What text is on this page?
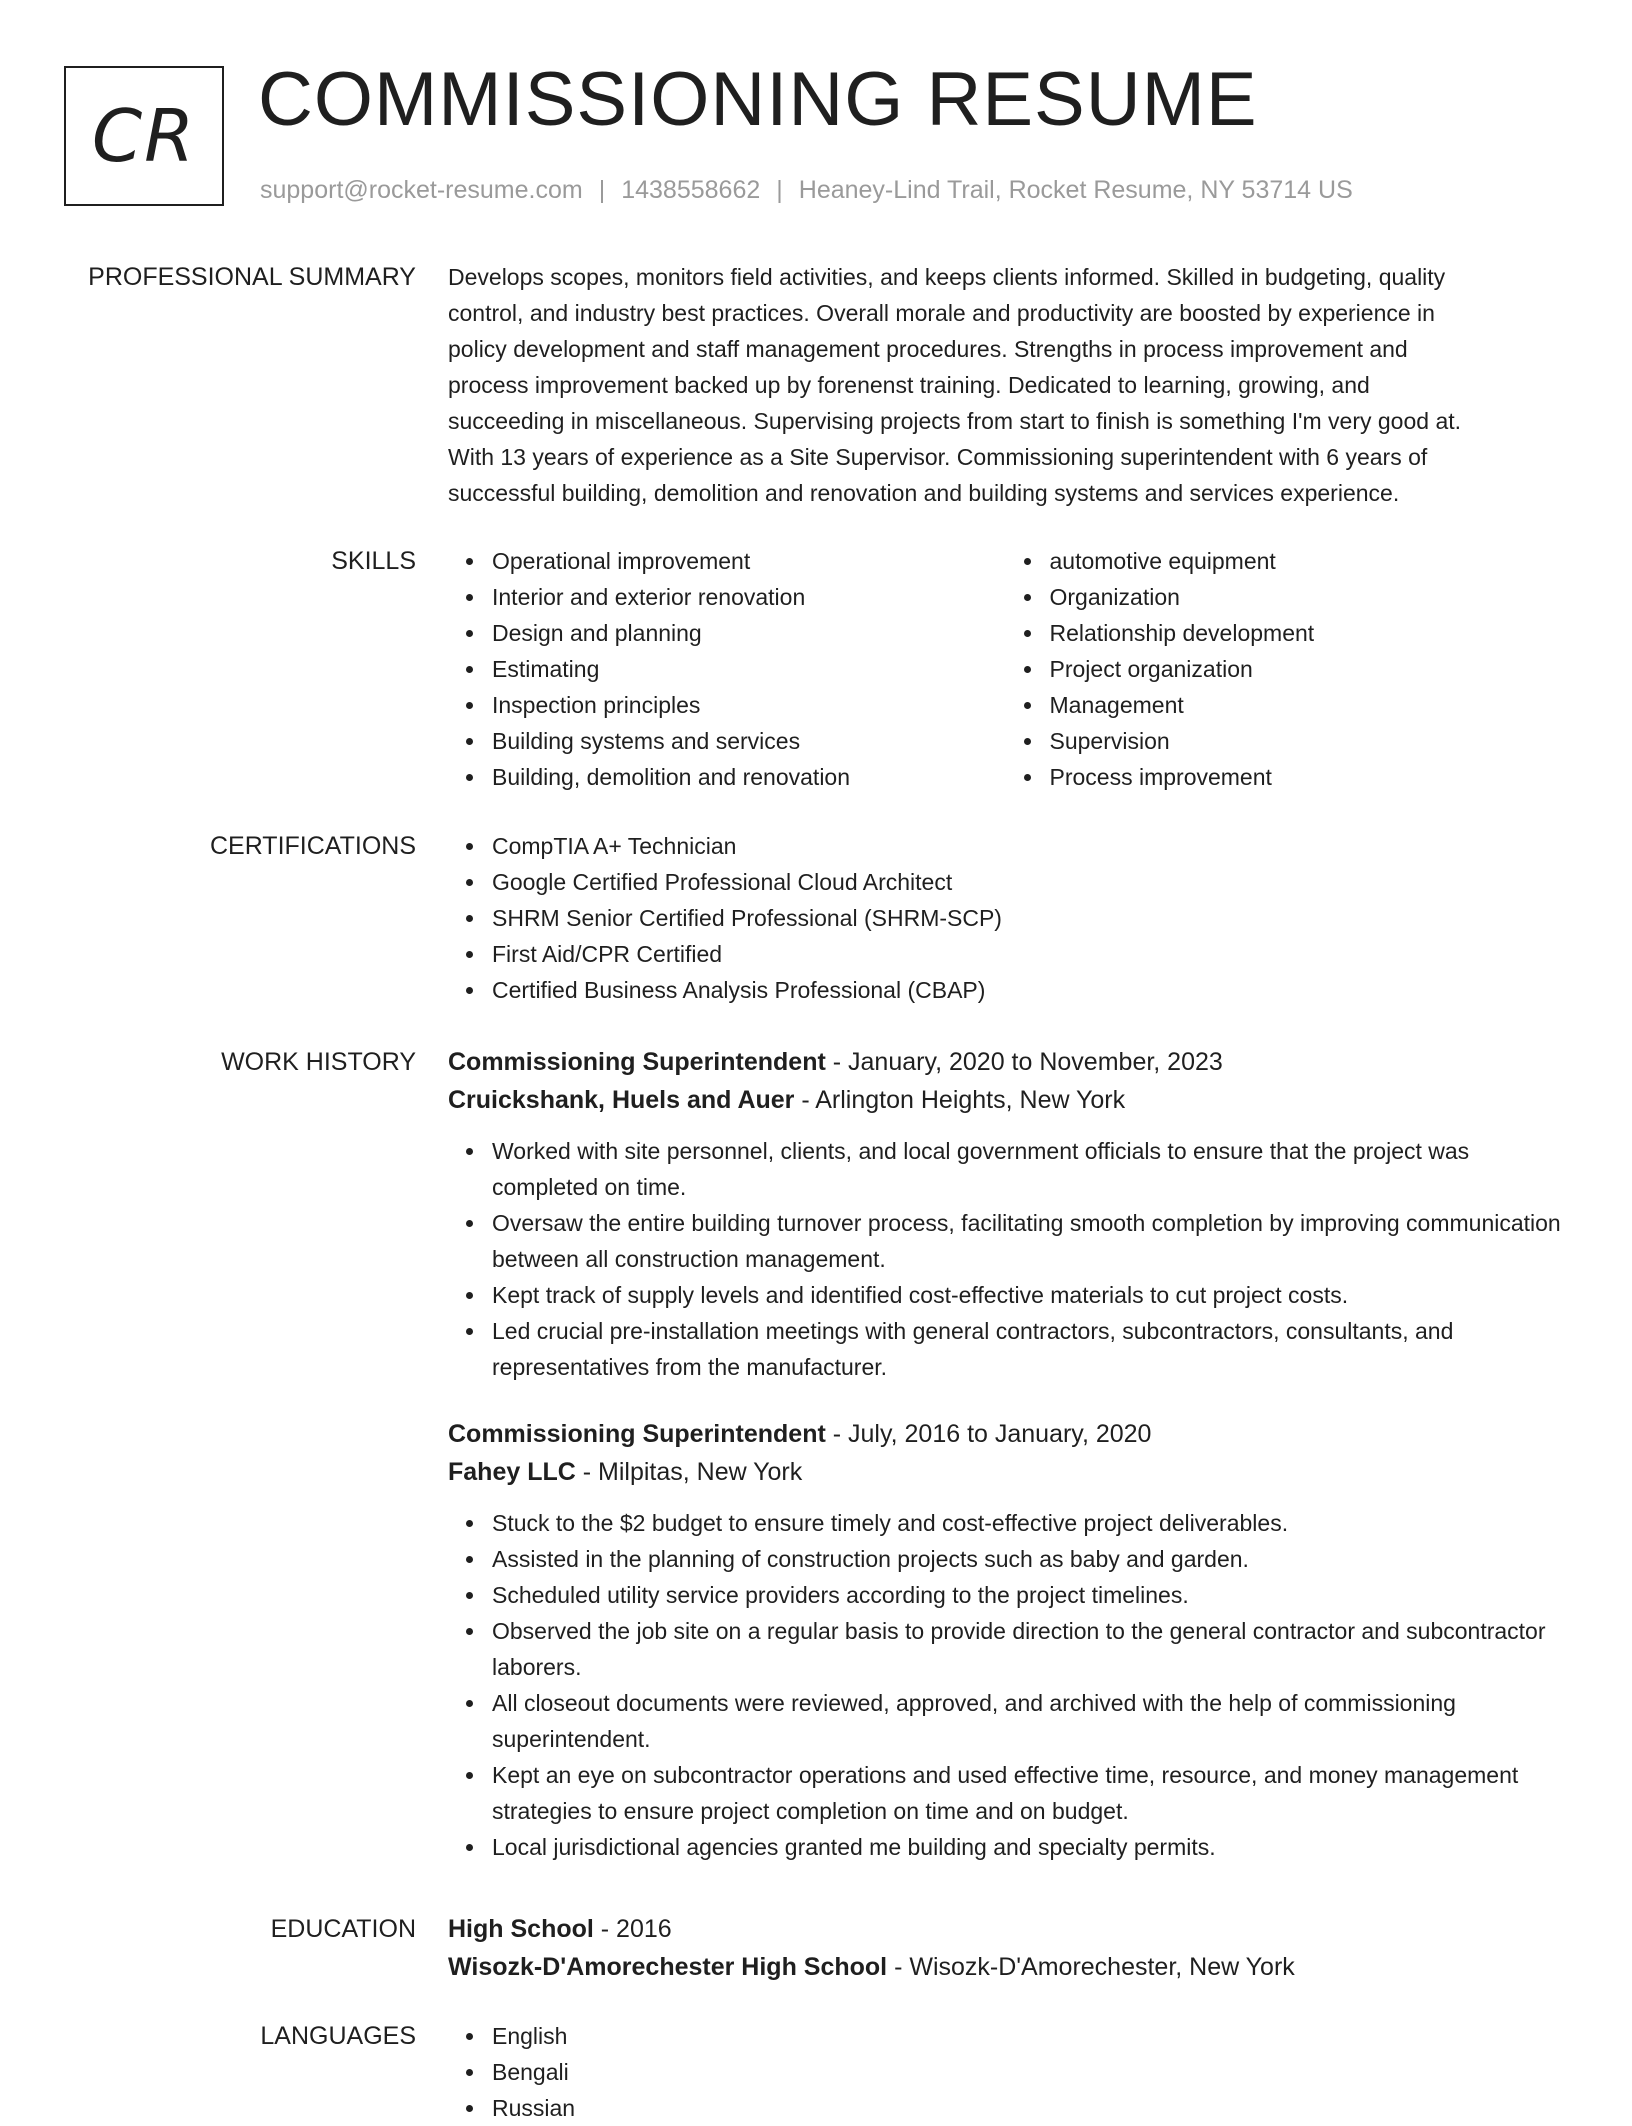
CR COMMISSIONING RESUME
support@rocket-resume.com | 1438558662 | Heaney-Lind Trail, Rocket Resume, NY 53714 US
PROFESSIONAL SUMMARY Develops scopes, monitors field activities, and keeps clients informed. Skilled in budgeting, quality

control, and industry best practices. Overall morale and productivity are boosted by experience in

policy development and staff management procedures. Strengths in process improvement and

process improvement backed up by forenenst training. Dedicated to learning, growing, and

succeeding in miscellaneous. Supervising projects from start to finish is something I'm very good at.

With 13 years of experience as a Site Supervisor. Commissioning superintendent with 6 years of

successful building, demolition and renovation and building systems and services experience.

SKILLS	Operational improvement
Interior and exterior renovation
Design and planning
Estimating
Inspection principles
Building systems and services
Building, demolition and renovation
automotive equipment
Organization
Relationship development
Project organization
Management
Supervision
Process improvement
CERTIFICATIONS	CompTIA A+ Technician
Google Certified Professional Cloud Architect
SHRM Senior Certified Professional (SHRM-SCP)
First Aid/CPR Certified
Certified Business Analysis Professional (CBAP)
WORK HISTORY Commissioning Superintendent - January, 2020 to November, 2023
Cruickshank, Huels and Auer - Arlington Heights, New York
Worked with site personnel, clients, and local government officials to ensure that the project was completed on time.
Oversaw the entire building turnover process, facilitating smooth completion by improving communication between all construction management.
Kept track of supply levels and identified cost-effective materials to cut project costs.
Led crucial pre-installation meetings with general contractors, subcontractors, consultants, and representatives from the manufacturer.
Commissioning Superintendent - July, 2016 to January, 2020
Fahey LLC - Milpitas, New York
Stuck to the $2 budget to ensure timely and cost-effective project deliverables.
Assisted in the planning of construction projects such as baby and garden.
Scheduled utility service providers according to the project timelines.
Observed the job site on a regular basis to provide direction to the general contractor and subcontractor laborers.
All closeout documents were reviewed, approved, and archived with the help of commissioning superintendent.
Kept an eye on subcontractor operations and used effective time, resource, and money management strategies to ensure project completion on time and on budget.
Local jurisdictional agencies granted me building and specialty permits.
EDUCATION High School - 2016
Wisozk-D'Amorechester High School - Wisozk-D'Amorechester, New York
LANGUAGES	English
Bengali
Russian
